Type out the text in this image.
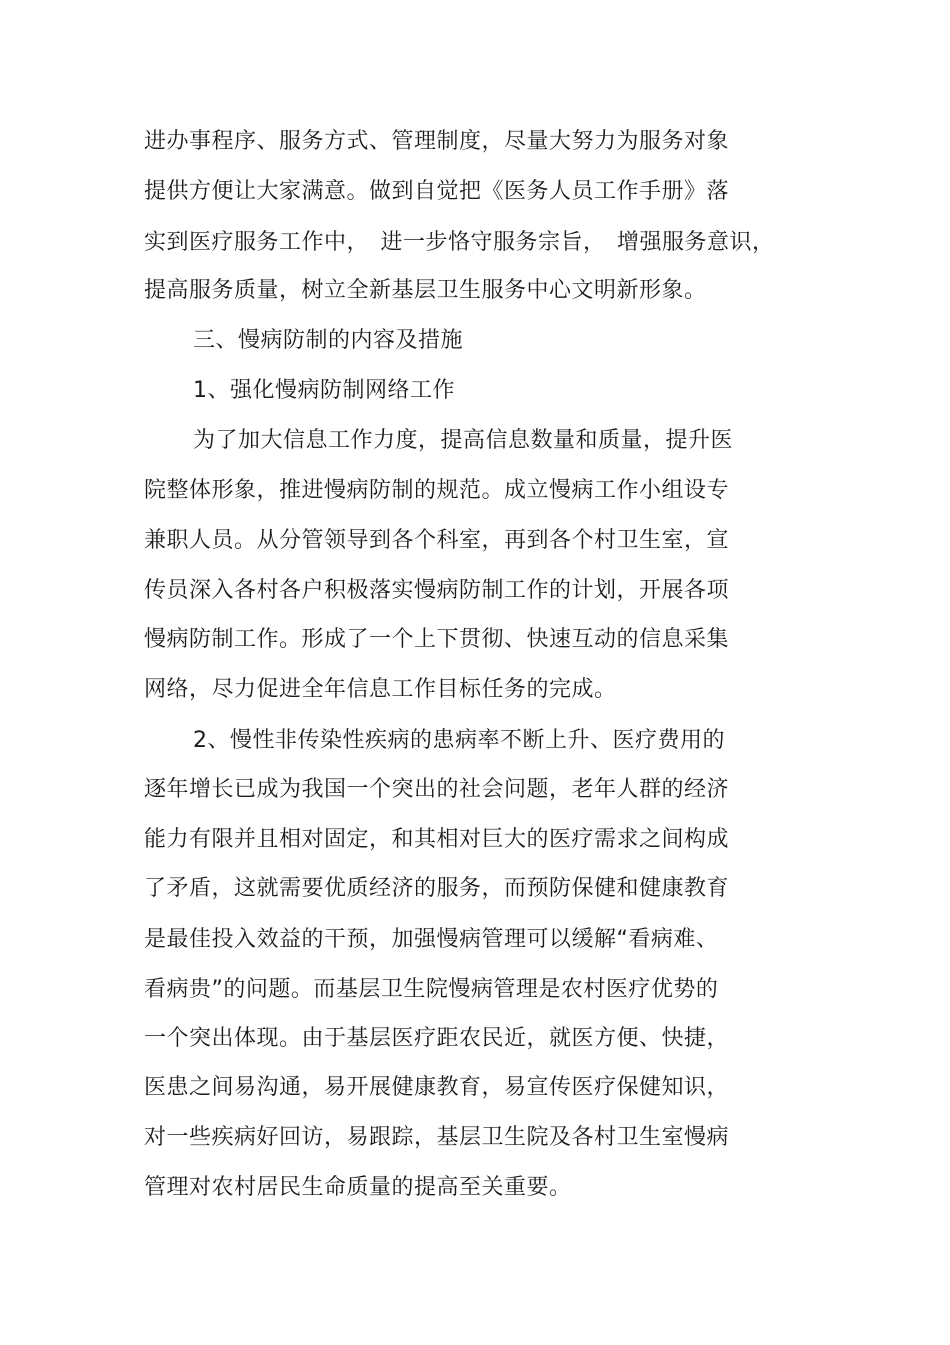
进办事程序、服务方式、管理制度，尽量大努力为服务对象
提供方便让大家满意。做到自觉把《医务人员工作手册》落
实到医疗服务工作中，　进一步恪守服务宗旨，　增强服务意识，
提高服务质量，树立全新基层卫生服务中心文明新形象。
三、慢病防制的内容及措施
1、强化慢病防制网络工作
为了加大信息工作力度，提高信息数量和质量，提升医
院整体形象，推进慢病防制的规范。成立慢病工作小组设专
兼职人员。从分管领导到各个科室，再到各个村卫生室，宣
传员深入各村各户积极落实慢病防制工作的计划，开展各项
慢病防制工作。形成了一个上下贯彻、快速互动的信息采集
网络，尽力促进全年信息工作目标任务的完成。
2、慢性非传染性疾病的患病率不断上升、医疗费用的
逐年增长已成为我国一个突出的社会问题，老年人群的经济
能力有限并且相对固定，和其相对巨大的医疗需求之间构成
了矛盾，这就需要优质经济的服务，而预防保健和健康教育
是最佳投入效益的干预，加强慢病管理可以缓解“看病难、
看病贵”的问题。而基层卫生院慢病管理是农村医疗优势的
一个突出体现。由于基层医疗距农民近，就医方便、快捷，
医患之间易沟通，易开展健康教育，易宣传医疗保健知识，
对一些疾病好回访，易跟踪，基层卫生院及各村卫生室慢病
管理对农村居民生命质量的提高至关重要。
